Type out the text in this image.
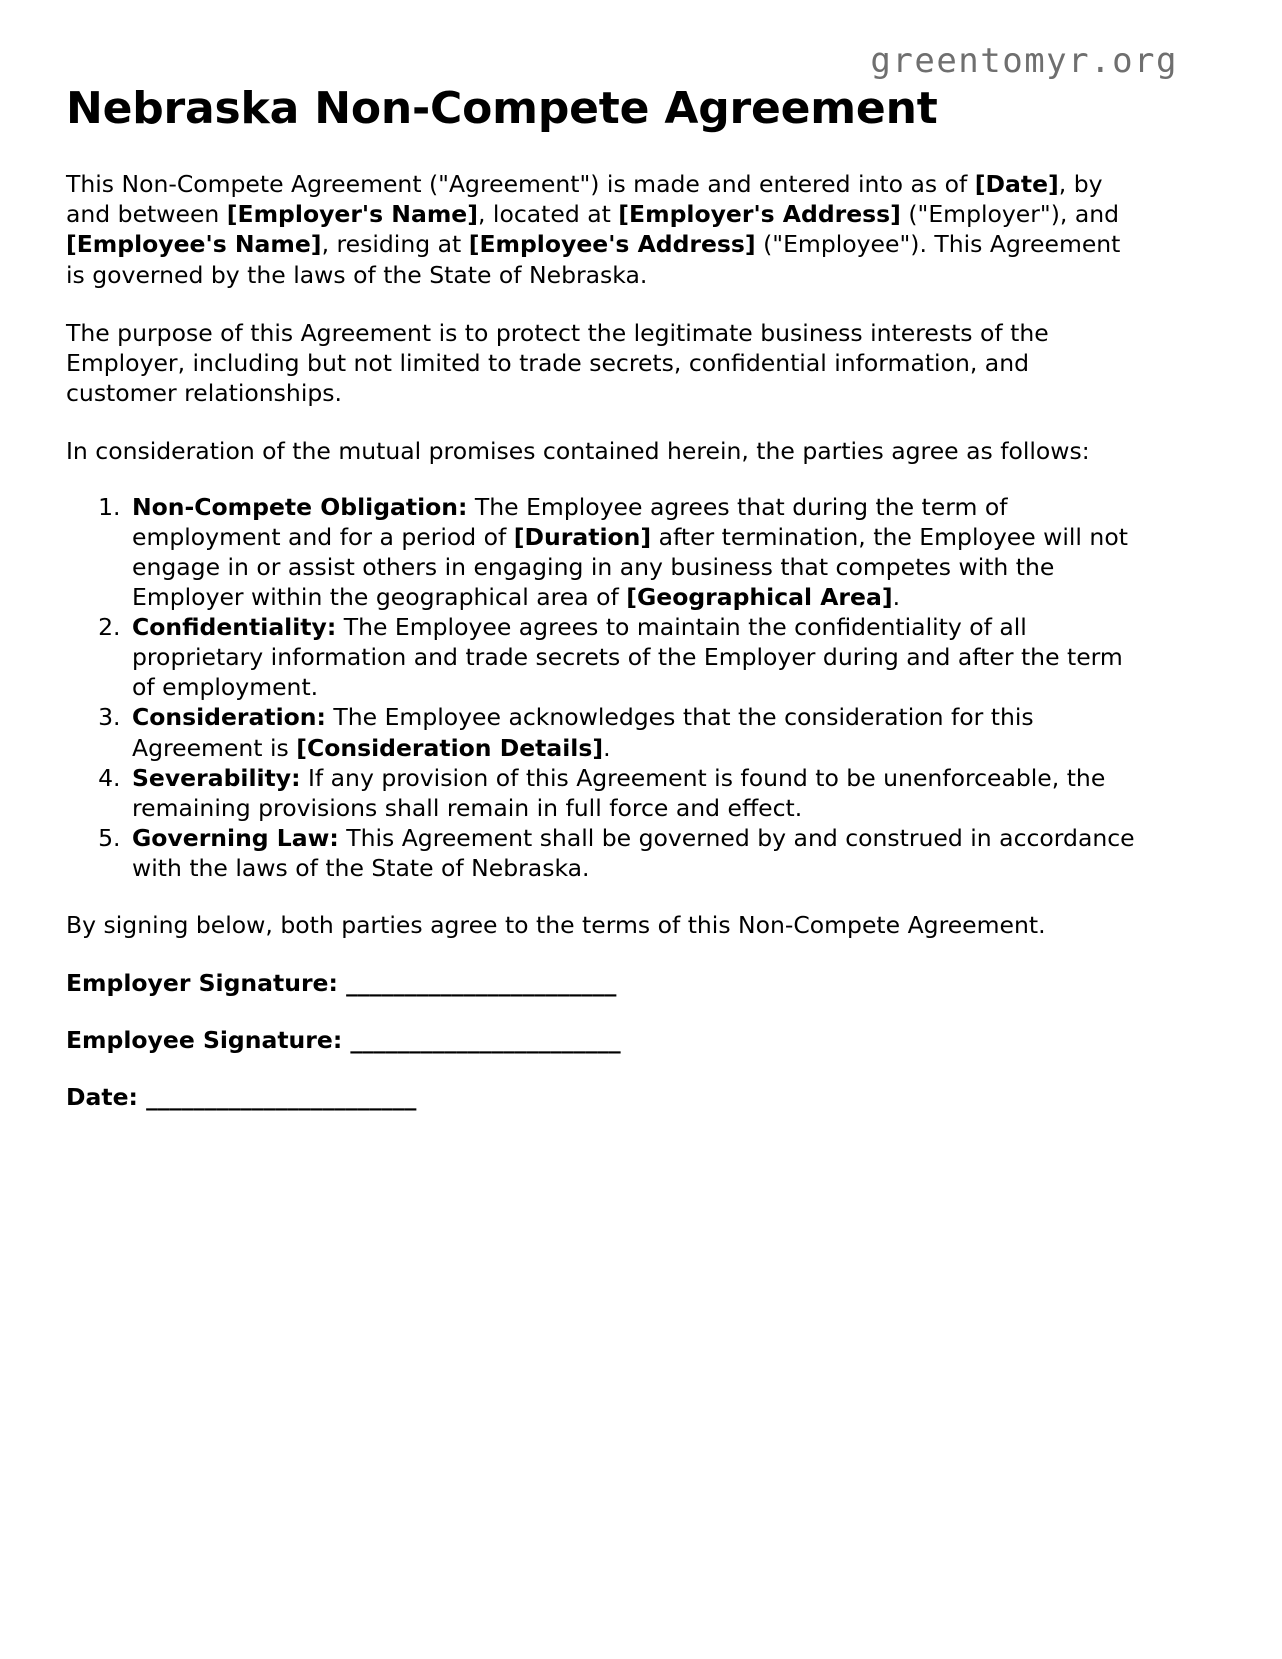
greentomyr.org
Nebraska Non-Compete Agreement

This Non-Compete Agreement ("Agreement") is made and entered into as of [Date], by and between [Employer's Name], located at [Employer's Address] ("Employer"), and [Employee's Name], residing at [Employee's Address] ("Employee"). This Agreement is governed by the laws of the State of Nebraska.

The purpose of this Agreement is to protect the legitimate business interests of the Employer, including but not limited to trade secrets, confidential information, and customer relationships.

In consideration of the mutual promises contained herein, the parties agree as follows:

1. Non-Compete Obligation: The Employee agrees that during the term of employment and for a period of [Duration] after termination, the Employee will not engage in or assist others in engaging in any business that competes with the Employer within the geographical area of [Geographical Area].
2. Confidentiality: The Employee agrees to maintain the confidentiality of all proprietary information and trade secrets of the Employer during and after the term of employment.
3. Consideration: The Employee acknowledges that the consideration for this Agreement is [Consideration Details].
4. Severability: If any provision of this Agreement is found to be unenforceable, the remaining provisions shall remain in full force and effect.
5. Governing Law: This Agreement shall be governed by and construed in accordance with the laws of the State of Nebraska.

By signing below, both parties agree to the terms of this Non-Compete Agreement.

Employer Signature: _______________________
Employee Signature: _______________________
Date: _______________________
